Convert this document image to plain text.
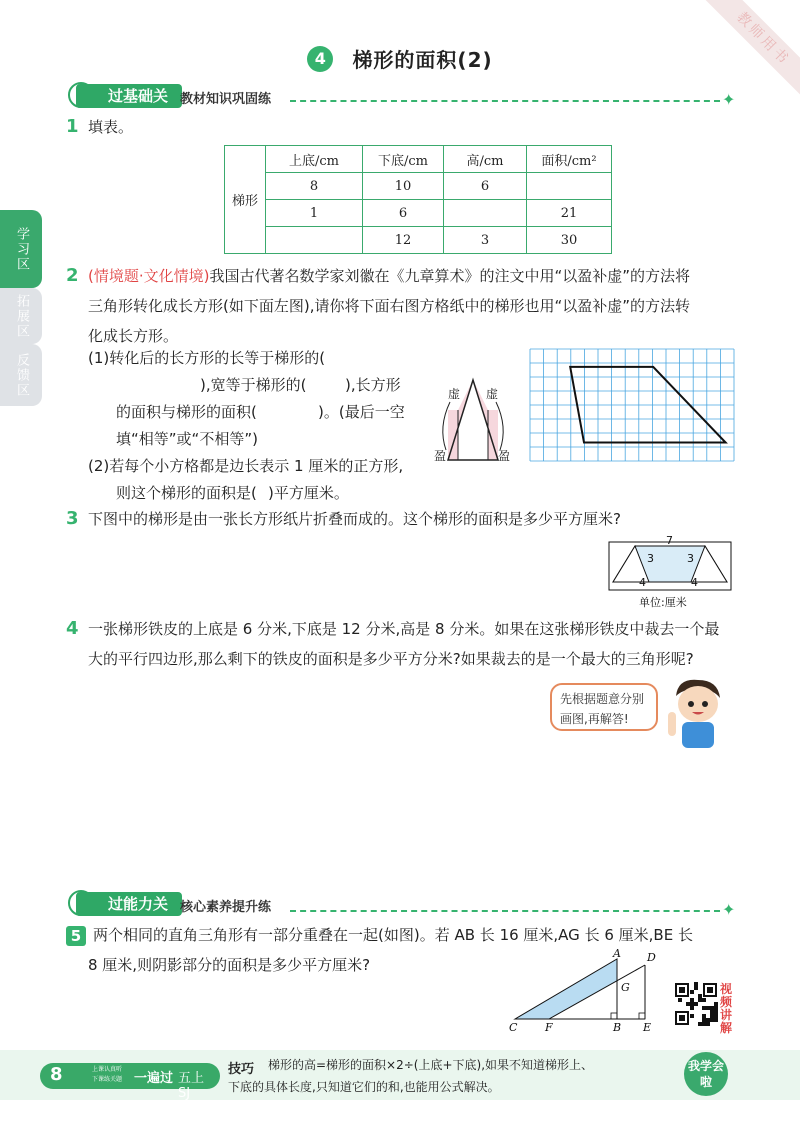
教师用书
4 梯形的面积(2)
过基础关 教材知识巩固练	✦
学习区
拓展区
反馈区
1 填表。
梯形	上底/cm	下底/cm	高/cm	面积/cm²
	8	10	6	
	1	6		21
		12	3	30
2 (情境题·文化情境)我国古代著名数学家刘徽在《九章算术》的注文中用“以盈补虚”的方法将
三角形转化成长方形(如下面左图),请你将下面右图方格纸中的梯形也用“以盈补虚”的方法转
化成长方形。
(1)转化后的长方形的长等于梯形的(
),宽等于梯形的(	),长方形
的面积与梯形的面积(	)。(最后一空
填“相等”或“不相等”)
(2)若每个小方格都是边长表示 1 厘米的正方形,
则这个梯形的面积是( )平方厘米。
虚 虚
盈	盈
3 下图中的梯形是由一张长方形纸片折叠而成的。这个梯形的面积是多少平方厘米?
7
3	3
4	4
单位:厘米
4 一张梯形铁皮的上底是 6 分米,下底是 12 分米,高是 8 分米。如果在这张梯形铁皮中裁去一个最
大的平行四边形,那么剩下的铁皮的面积是多少平方分米?如果裁去的是一个最大的三角形呢?
先根据题意分别
画图,再解答!
过能力关 核心素养提升练	✦
5 两个相同的直角三角形有一部分重叠在一起(如图)。若 AB 长 16 厘米,AG 长 6 厘米,BE 长
8 厘米,则阴影部分的面积是多少平方厘米?
A D
G
C	F	B E
视频讲解
8	上课认真听
下课练关题 一遍过 五上 SJ
技巧 梯形的高=梯形的面积×2÷(上底+下底),如果不知道梯形上、
下底的具体长度,只知道它们的和,也能用公式解决。
我学会啦
